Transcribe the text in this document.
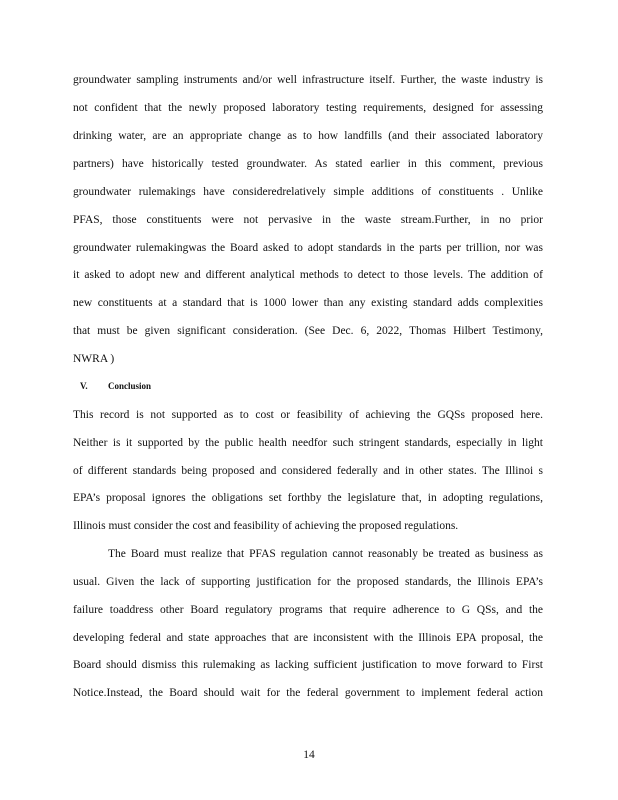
groundwater sampling instruments and/or well infrastructure itself. Further, the waste industry is
not confident that the newly proposed laboratory testing requirements, designed for assessing
drinking water, are an appropriate change as to how landfills (and their associated laboratory
partners) have historically tested groundwater. As stated earlier in this comment, previous
groundwater rulemakings have consideredrelatively simple additions of constituents . Unlike
PFAS, those constituents were not pervasive in the waste stream.Further, in no prior
groundwater rulemakingwas the Board asked to adopt standards in the parts per trillion, nor was
it asked to adopt new and different analytical methods to detect to those levels. The addition of
new constituents at a standard that is 1000 lower than any existing standard adds complexities
that must be given significant consideration. (See Dec. 6, 2022, Thomas Hilbert Testimony,
NWRA )
V. Conclusion
This record is not supported as to cost or feasibility of achieving the GQSs proposed here.
Neither is it supported by the public health needfor such stringent standards, especially in light
of different standards being proposed and considered federally and in other states. The Illinoi s
EPA’s proposal ignores the obligations set forthby the legislature that, in adopting regulations,
Illinois must consider the cost and feasibility of achieving the proposed regulations.
The Board must realize that PFAS regulation cannot reasonably be treated as business as
usual. Given the lack of supporting justification for the proposed standards, the Illinois EPA’s
failure toaddress other Board regulatory programs that require adherence to G QSs, and the
developing federal and state approaches that are inconsistent with the Illinois EPA proposal, the
Board should dismiss this rulemaking as lacking sufficient justification to move forward to First
Notice.Instead, the Board should wait for the federal government to implement federal action
14
